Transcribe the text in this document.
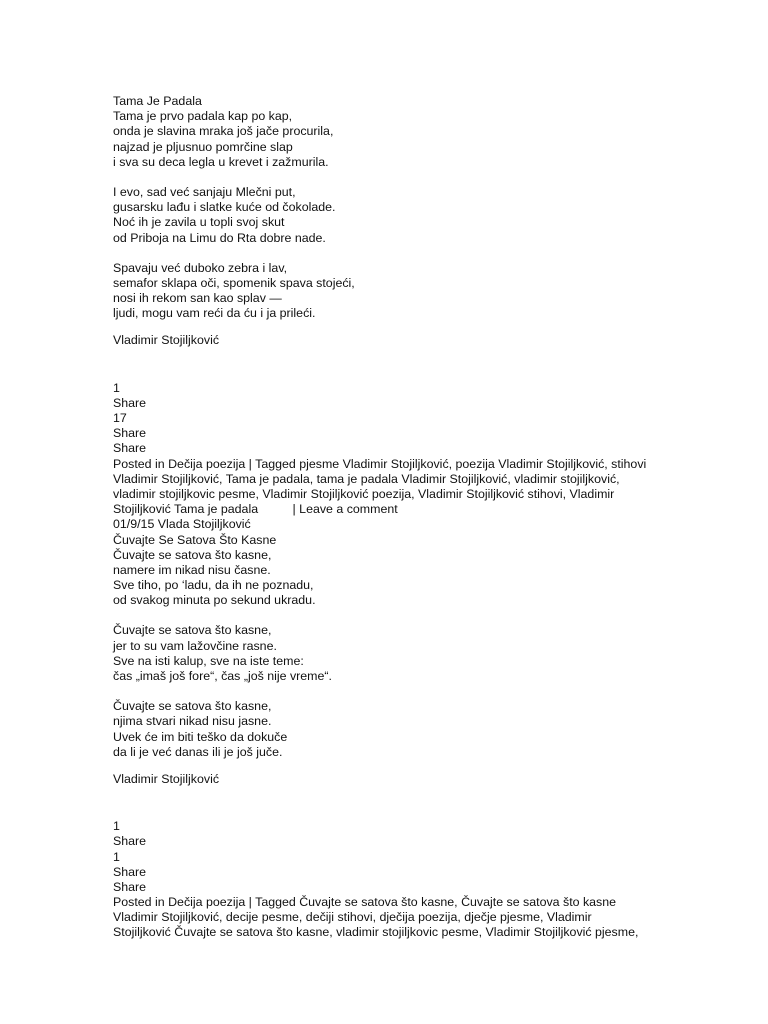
Tama Je Padala
Tama je prvo padala kap po kap,
onda je slavina mraka još jače procurila,
najzad je pljusnuo pomrčine slap
i sva su deca legla u krevet i zažmurila.
I evo, sad već sanjaju Mlečni put,
gusarsku lađu i slatke kuće od čokolade.
Noć ih je zavila u topli svoj skut
od Priboja na Limu do Rta dobre nade.
Spavaju već duboko zebra i lav,
semafor sklapa oči, spomenik spava stojeći,
nosi ih rekom san kao splav —
ljudi, mogu vam reći da ću i ja prileći.
Vladimir Stojiljković
1
Share
17
Share
Share
Posted in Dečija poezija | Tagged pjesme Vladimir Stojiljković, poezija Vladimir Stojiljković, stihovi
Vladimir Stojiljković, Tama je padala, tama je padala Vladimir Stojiljković, vladimir stojiljković,
vladimir stojiljkovic pesme, Vladimir Stojiljković poezija, Vladimir Stojiljković stihovi, Vladimir
Stojiljković Tama je padala          | Leave a comment
01/9/15 Vlada Stojiljković
Čuvajte Se Satova Što Kasne
Čuvajte se satova što kasne,
namere im nikad nisu časne.
Sve tiho, po ‘ladu, da ih ne poznadu,
od svakog minuta po sekund ukradu.
Čuvajte se satova što kasne,
jer to su vam lažovčine rasne.
Sve na isti kalup, sve na iste teme:
čas „imaš još fore“, čas „još nije vreme“.
Čuvajte se satova što kasne,
njima stvari nikad nisu jasne.
Uvek će im biti teško da dokuče
da li je već danas ili je još juče.
Vladimir Stojiljković
1
Share
1
Share
Share
Posted in Dečija poezija | Tagged Čuvajte se satova što kasne, Čuvajte se satova što kasne
Vladimir Stojiljković, decije pesme, dečiji stihovi, dječija poezija, dječje pjesme, Vladimir
Stojiljković Čuvajte se satova što kasne, vladimir stojiljkovic pesme, Vladimir Stojiljković pjesme,
